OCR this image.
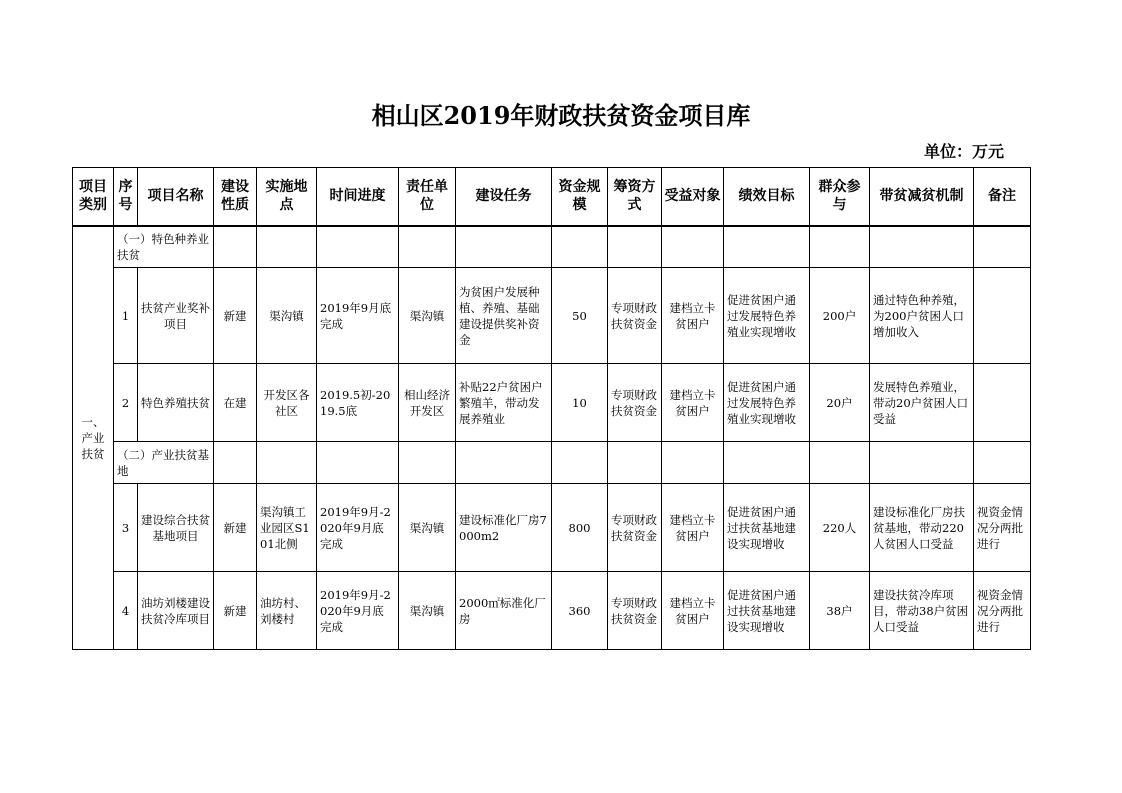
相山区2019年财政扶贫资金项目库
单位：万元
项目类别	序号	项目名称	建设性质	实施地点	时间进度	责任单位	建设任务	资金规模	筹资方式	受益对象	绩效目标	群众参与	带贫减贫机制	备注
一、产业扶贫	（一）特色种养业扶贫													
	1	扶贫产业奖补项目	新建	渠沟镇	2019年9月底完成	渠沟镇	为贫困户发展种植、养殖、基础建设提供奖补资金	50	专项财政扶贫资金	建档立卡贫困户	促进贫困户通过发展特色养殖业实现增收	200户	通过特色种养殖，为200户贫困人口增加收入	
	2	特色养殖扶贫	在建	开发区各社区	2019.5初-2019.5底	相山经济开发区	补贴22户贫困户繁殖羊，带动发展养殖业	10	专项财政扶贫资金	建档立卡贫困户	促进贫困户通过发展特色养殖业实现增收	20户	发展特色养殖业，带动20户贫困人口受益	
	（二）产业扶贫基地													
	3	建设综合扶贫基地项目	新建	渠沟镇工业园区S101北侧	2019年9月-2020年9月底完成	渠沟镇	建设标准化厂房7000m2	800	专项财政扶贫资金	建档立卡贫困户	促进贫困户通过扶贫基地建设实现增收	220人	建设标准化厂房扶贫基地，带动220人贫困人口受益	视资金情况分两批进行
	4	油坊刘楼建设扶贫冷库项目	新建	油坊村、刘楼村	2019年9月-2020年9月底完成	渠沟镇	2000㎡标准化厂房	360	专项财政扶贫资金	建档立卡贫困户	促进贫困户通过扶贫基地建设实现增收	38户	建设扶贫冷库项目，带动38户贫困人口受益	视资金情况分两批进行
